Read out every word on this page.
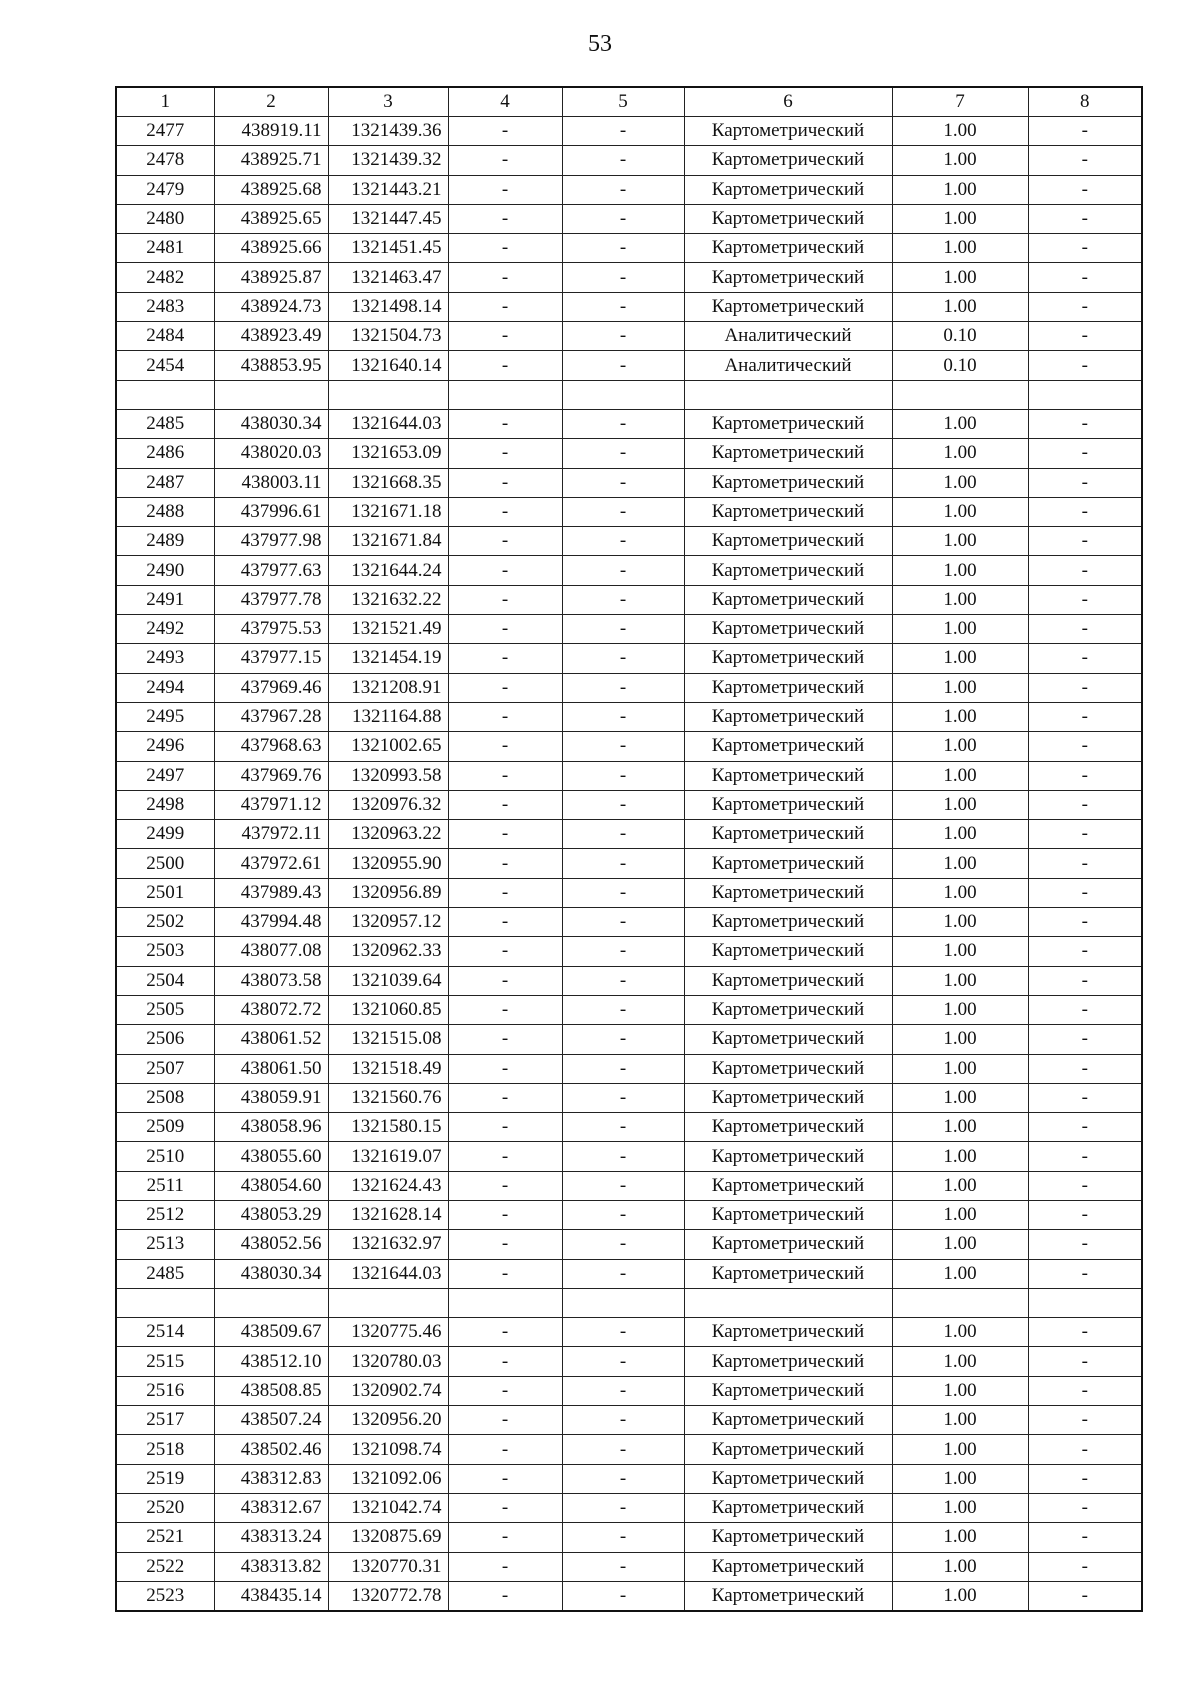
53
1	2	3	4	5	6	7	8
2477	438919.11	1321439.36	-	-	Картометрический	1.00	-
2478	438925.71	1321439.32	-	-	Картометрический	1.00	-
2479	438925.68	1321443.21	-	-	Картометрический	1.00	-
2480	438925.65	1321447.45	-	-	Картометрический	1.00	-
2481	438925.66	1321451.45	-	-	Картометрический	1.00	-
2482	438925.87	1321463.47	-	-	Картометрический	1.00	-
2483	438924.73	1321498.14	-	-	Картометрический	1.00	-
2484	438923.49	1321504.73	-	-	Аналитический	0.10	-
2454	438853.95	1321640.14	-	-	Аналитический	0.10	-

2485	438030.34	1321644.03	-	-	Картометрический	1.00	-
2486	438020.03	1321653.09	-	-	Картометрический	1.00	-
2487	438003.11	1321668.35	-	-	Картометрический	1.00	-
2488	437996.61	1321671.18	-	-	Картометрический	1.00	-
2489	437977.98	1321671.84	-	-	Картометрический	1.00	-
2490	437977.63	1321644.24	-	-	Картометрический	1.00	-
2491	437977.78	1321632.22	-	-	Картометрический	1.00	-
2492	437975.53	1321521.49	-	-	Картометрический	1.00	-
2493	437977.15	1321454.19	-	-	Картометрический	1.00	-
2494	437969.46	1321208.91	-	-	Картометрический	1.00	-
2495	437967.28	1321164.88	-	-	Картометрический	1.00	-
2496	437968.63	1321002.65	-	-	Картометрический	1.00	-
2497	437969.76	1320993.58	-	-	Картометрический	1.00	-
2498	437971.12	1320976.32	-	-	Картометрический	1.00	-
2499	437972.11	1320963.22	-	-	Картометрический	1.00	-
2500	437972.61	1320955.90	-	-	Картометрический	1.00	-
2501	437989.43	1320956.89	-	-	Картометрический	1.00	-
2502	437994.48	1320957.12	-	-	Картометрический	1.00	-
2503	438077.08	1320962.33	-	-	Картометрический	1.00	-
2504	438073.58	1321039.64	-	-	Картометрический	1.00	-
2505	438072.72	1321060.85	-	-	Картометрический	1.00	-
2506	438061.52	1321515.08	-	-	Картометрический	1.00	-
2507	438061.50	1321518.49	-	-	Картометрический	1.00	-
2508	438059.91	1321560.76	-	-	Картометрический	1.00	-
2509	438058.96	1321580.15	-	-	Картометрический	1.00	-
2510	438055.60	1321619.07	-	-	Картометрический	1.00	-
2511	438054.60	1321624.43	-	-	Картометрический	1.00	-
2512	438053.29	1321628.14	-	-	Картометрический	1.00	-
2513	438052.56	1321632.97	-	-	Картометрический	1.00	-
2485	438030.34	1321644.03	-	-	Картометрический	1.00	-

2514	438509.67	1320775.46	-	-	Картометрический	1.00	-
2515	438512.10	1320780.03	-	-	Картометрический	1.00	-
2516	438508.85	1320902.74	-	-	Картометрический	1.00	-
2517	438507.24	1320956.20	-	-	Картометрический	1.00	-
2518	438502.46	1321098.74	-	-	Картометрический	1.00	-
2519	438312.83	1321092.06	-	-	Картометрический	1.00	-
2520	438312.67	1321042.74	-	-	Картометрический	1.00	-
2521	438313.24	1320875.69	-	-	Картометрический	1.00	-
2522	438313.82	1320770.31	-	-	Картометрический	1.00	-
2523	438435.14	1320772.78	-	-	Картометрический	1.00	-
